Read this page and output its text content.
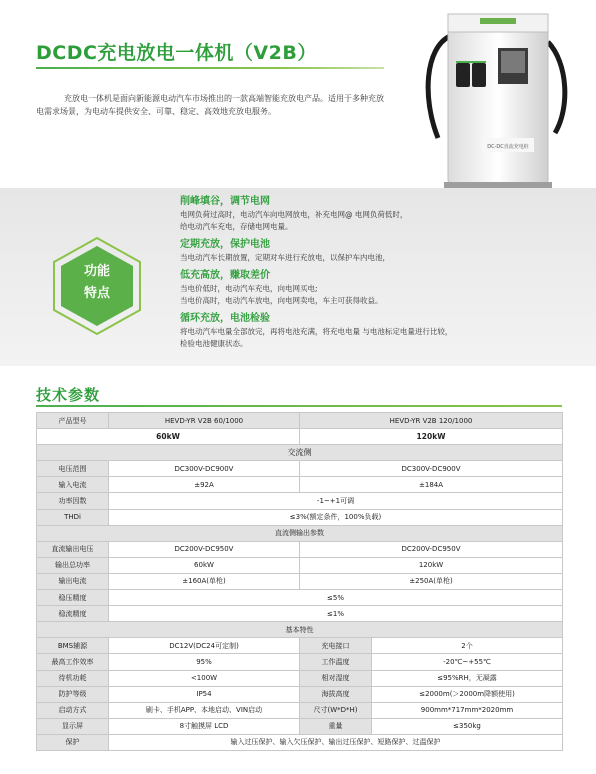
DCDC充电放电一体机（V2B）

充放电一体机是面向新能源电动汽车市场推出的一款高端智能充放电产品。适用于多种充放电需求场景，为电动车提供安全、可靠、稳定、高效地充放电服务。

DC-DC直流充电桩
功能
特点
削峰填谷，调节电网
电网负荷过高时，电动汽车向电网放电，补充电网@ 电网负荷低时，
给电动汽车充电，存储电网电量。
定期充放，保护电池
当电动汽车长期放置，定期对车进行充放电，以保护车内电池，
低充高放，赚取差价
当电价低时，电动汽车充电，向电网买电;
当电价高时，电动汽车放电，向电网卖电，车主可获得收益。
循环充放，电池检验
将电动汽车电量全部放完，再将电池充满，将充电电量 与电池标定电量进行比较，
检验电池健康状态。
技术参数
产品型号	HEVD-YR V2B 60/1000	HEVD-YR V2B 120/1000	
60kW		120kW	
交流侧			
电压范围	DC300V-DC900V	DC300V-DC900V	
输入电流	±92A	±184A	
功率因数	-1~+1可调		
THDi	≤3%(额定条件，100%负载)		
直流侧输出参数			
直流输出电压	DC200V-DC950V	DC200V-DC950V	
输出总功率	60kW	120kW	
输出电流	±160A(单枪)	±250A(单枪)	
稳压精度	≤5%		
稳流精度	≤1%		
基本特性			
BMS辅源	DC12V(DC24可定制)	充电接口	2个
最高工作效率	95%	工作温度	-20℃~+55℃
待机功耗	<100W	相对湿度	≤95%RH，无凝露
防护等级	IP54	海拔高度	≤2000m(＞2000m降额使用)
启动方式	刷卡、手机APP、本地启动、VIN启动	尺寸(W*D*H)	900mm*717mm*2020mm
显示屏	8寸触摸屏 LCD	重量	≤350kg
保护	输入过压保护、输入欠压保护、输出过压保护、短路保护、过温保护		
